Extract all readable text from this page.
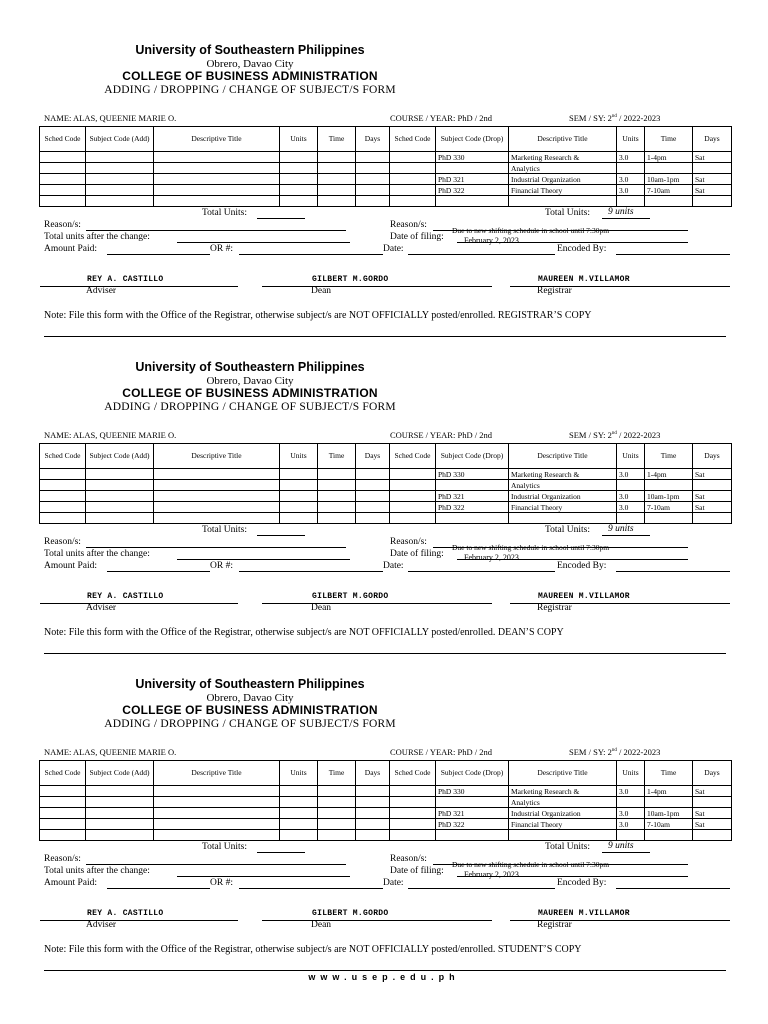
University of Southeastern Philippines
Obrero, Davao City
COLLEGE OF BUSINESS ADMINISTRATION
ADDING / DROPPING / CHANGE OF SUBJECT/S FORM
NAME: ALAS, QUEENIE MARIE O.	COURSE / YEAR: PhD / 2nd	SEM / SY: 2nd / 2022-2023
Sched Code	Subject Code (Add)	Descriptive Title	Units	Time	Days	Sched Code	Subject Code (Drop)	Descriptive Title	Units	Time	Days
							PhD 330	Marketing Research &	3.0	1-4pm	Sat
								Analytics			
							PhD 321	Industrial Organization	3.0	10am-1pm	Sat
							PhD 322	Financial Theory	3.0	7-10am	Sat

Total Units:	Total Units: 9 units
Reason/s:	Reason/s:
Due to new shifting schedule in school until 7:30pm
Total units after the change:	Date of filing:	February 2, 2023
Amount Paid:	OR #:	Date:	Encoded By:
REY A. CASTILLO
Adviser
GILBERT M.GORDO
Dean
MAUREEN M.VILLAMOR
Registrar
Note: File this form with the Office of the Registrar, otherwise subject/s are NOT OFFICIALLY posted/enrolled. REGISTRAR’S COPY
University of Southeastern Philippines
Obrero, Davao City
COLLEGE OF BUSINESS ADMINISTRATION
ADDING / DROPPING / CHANGE OF SUBJECT/S FORM
NAME: ALAS, QUEENIE MARIE O.	COURSE / YEAR: PhD / 2nd	SEM / SY: 2nd / 2022-2023
Sched Code	Subject Code (Add)	Descriptive Title	Units	Time	Days	Sched Code	Subject Code (Drop)	Descriptive Title	Units	Time	Days
							PhD 330	Marketing Research &	3.0	1-4pm	Sat
								Analytics			
							PhD 321	Industrial Organization	3.0	10am-1pm	Sat
							PhD 322	Financial Theory	3.0	7-10am	Sat

Total Units:	Total Units: 9 units
Reason/s:	Reason/s:
Due to new shifting schedule in school until 7:30pm
Total units after the change:	Date of filing:	February 2, 2023
Amount Paid:	OR #:	Date:	Encoded By:
REY A. CASTILLO
Adviser
GILBERT M.GORDO
Dean
MAUREEN M.VILLAMOR
Registrar
Note: File this form with the Office of the Registrar, otherwise subject/s are NOT OFFICIALLY posted/enrolled. DEAN’S COPY
University of Southeastern Philippines
Obrero, Davao City
COLLEGE OF BUSINESS ADMINISTRATION
ADDING / DROPPING / CHANGE OF SUBJECT/S FORM
NAME: ALAS, QUEENIE MARIE O.	COURSE / YEAR: PhD / 2nd	SEM / SY: 2nd / 2022-2023
Sched Code	Subject Code (Add)	Descriptive Title	Units	Time	Days	Sched Code	Subject Code (Drop)	Descriptive Title	Units	Time	Days
							PhD 330	Marketing Research &	3.0	1-4pm	Sat
								Analytics			
							PhD 321	Industrial Organization	3.0	10am-1pm	Sat
							PhD 322	Financial Theory	3.0	7-10am	Sat

Total Units:	Total Units: 9 units
Reason/s:	Reason/s:
Due to new shifting schedule in school until 7:30pm
Total units after the change:	Date of filing:	February 2, 2023
Amount Paid:	OR #:	Date:	Encoded By:
REY A. CASTILLO
Adviser
GILBERT M.GORDO
Dean
MAUREEN M.VILLAMOR
Registrar
Note: File this form with the Office of the Registrar, otherwise subject/s are NOT OFFICIALLY posted/enrolled. STUDENT’S COPY
www.usep.edu.ph
